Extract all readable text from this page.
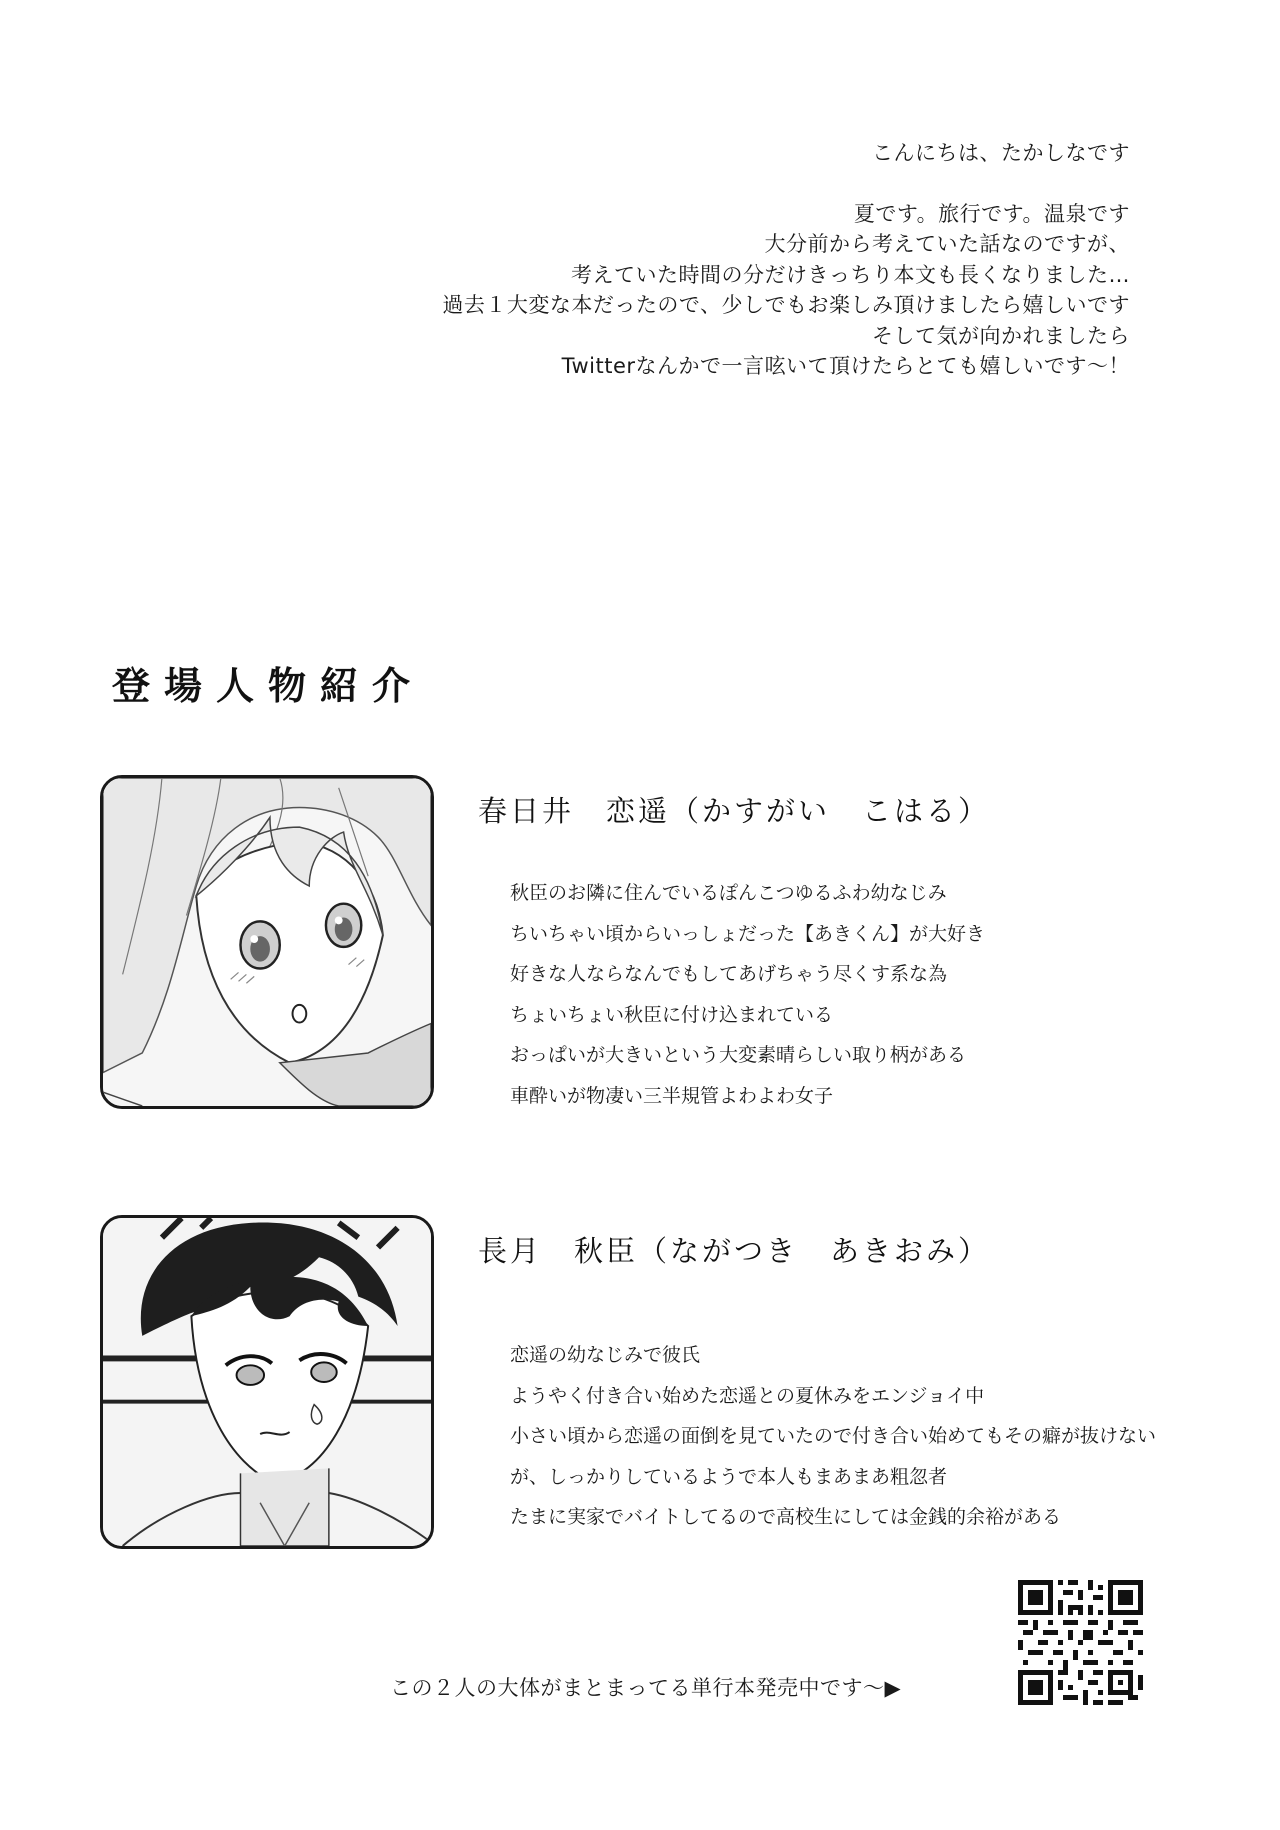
こんにちは、たかしなです
夏です。旅行です。温泉です
大分前から考えていた話なのですが、
考えていた時間の分だけきっちり本文も長くなりました…
過去１大変な本だったので、少しでもお楽しみ頂けましたら嬉しいです
そして気が向かれましたら
Twitterなんかで一言呟いて頂けたらとても嬉しいです～！
登場人物紹介
春日井　恋遥（かすがい　こはる）
秋臣のお隣に住んでいるぽんこつゆるふわ幼なじみ
ちいちゃい頃からいっしょだった【あきくん】が大好き
好きな人ならなんでもしてあげちゃう尽くす系な為
ちょいちょい秋臣に付け込まれている
おっぱいが大きいという大変素晴らしい取り柄がある
車酔いが物凄い三半規管よわよわ女子
長月　秋臣（ながつき　あきおみ）
恋遥の幼なじみで彼氏
ようやく付き合い始めた恋遥との夏休みをエンジョイ中
小さい頃から恋遥の面倒を見ていたので付き合い始めてもその癖が抜けない
が、しっかりしているようで本人もまあまあ粗忽者
たまに実家でバイトしてるので高校生にしては金銭的余裕がある
この２人の大体がまとまってる単行本発売中です～▶
